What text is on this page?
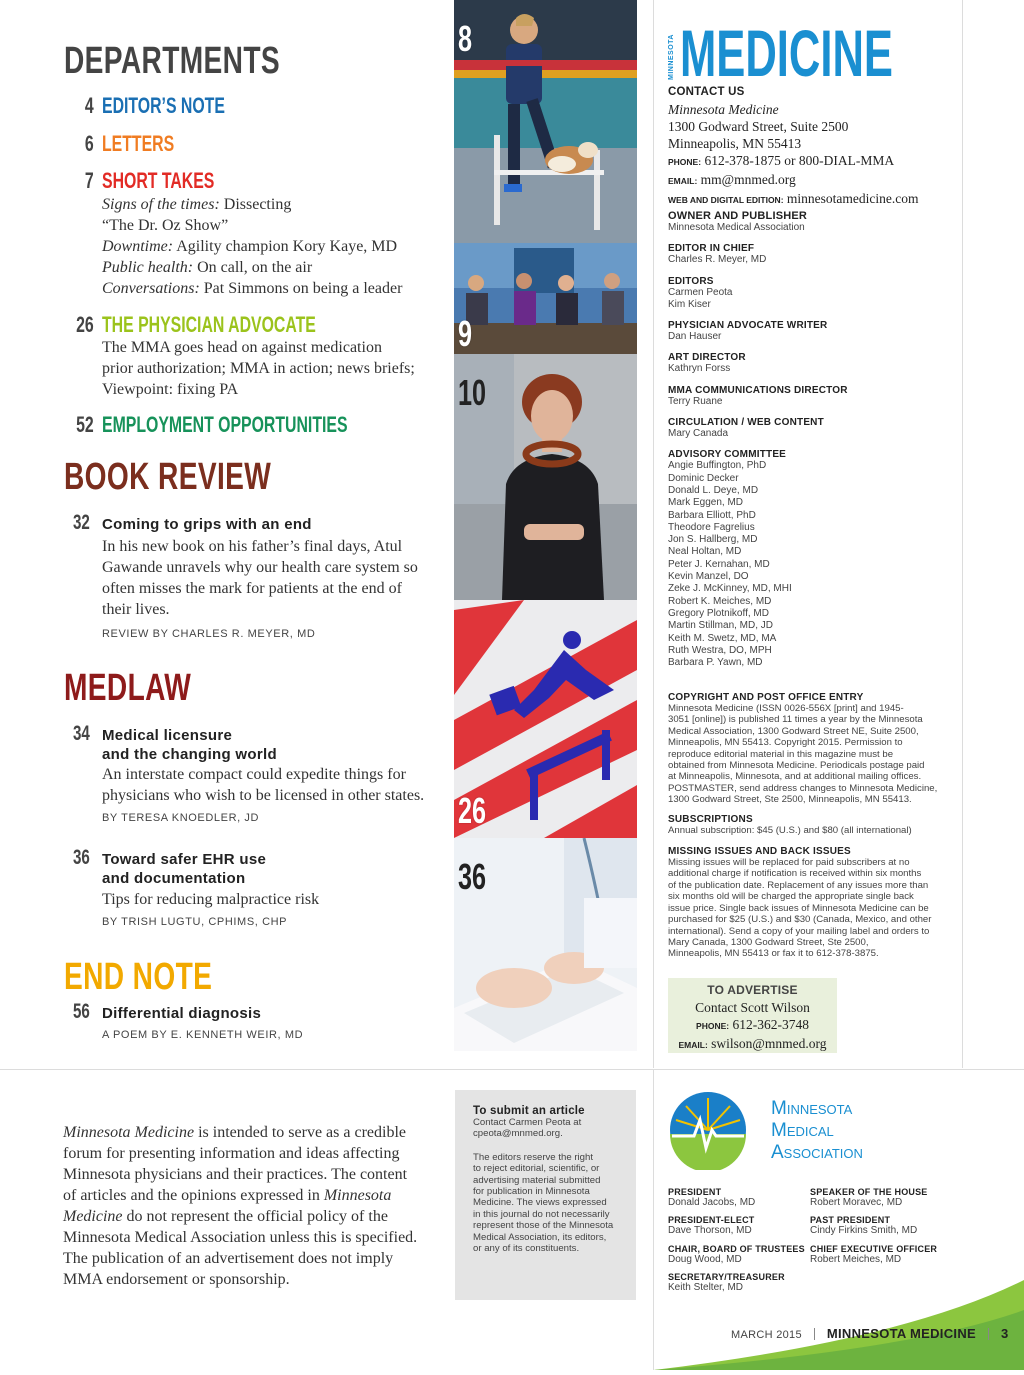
DEPARTMENTS
4 EDITOR’S NOTE
6 LETTERS
7 SHORT TAKES
Signs of the times: Dissecting
“The Dr. Oz Show”
Downtime: Agility champion Kory Kaye, MD
Public health: On call, on the air
Conversations: Pat Simmons on being a leader
26 THE PHYSICIAN ADVOCATE
The MMA goes head on against medication
prior authorization; MMA in action; news briefs;
Viewpoint: fixing PA
52 EMPLOYMENT OPPORTUNITIES
BOOK REVIEW
32 Coming to grips with an end
In his new book on his father’s final days, Atul
Gawande unravels why our health care system so
often misses the mark for patients at the end of
their lives.
REVIEW BY CHARLES R. MEYER, MD
MEDLAW
34 Medical licensure
and the changing world
An interstate compact could expedite things for
physicians who wish to be licensed in other states.
BY TERESA KNOEDLER, JD
36 Toward safer EHR use
and documentation
Tips for reducing malpractice risk
BY TRISH LUGTU, CPHIMS, CHP
END NOTE
56 Differential diagnosis
A POEM BY E. KENNETH WEIR, MD
8
9
10
26
36
MINNESOTA MEDICINE
CONTACT US
Minnesota Medicine
1300 Godward Street, Suite 2500
Minneapolis, MN 55413
PHONE: 612-378-1875 or 800-DIAL-MMA
EMAIL: mm@mnmed.org
WEB AND DIGITAL EDITION: minnesotamedicine.com
OWNER AND PUBLISHER
Minnesota Medical Association
EDITOR IN CHIEF
Charles R. Meyer, MD
EDITORS
Carmen Peota
Kim Kiser
PHYSICIAN ADVOCATE WRITER
Dan Hauser
ART DIRECTOR
Kathryn Forss
MMA COMMUNICATIONS DIRECTOR
Terry Ruane
CIRCULATION / WEB CONTENT
Mary Canada
ADVISORY COMMITTEE
Angie Buffington, PhD
Dominic Decker
Donald L. Deye, MD
Mark Eggen, MD
Barbara Elliott, PhD
Theodore Fagrelius
Jon S. Hallberg, MD
Neal Holtan, MD
Peter J. Kernahan, MD
Kevin Manzel, DO
Zeke J. McKinney, MD, MHI
Robert K. Meiches, MD
Gregory Plotnikoff, MD
Martin Stillman, MD, JD
Keith M. Swetz, MD, MA
Ruth Westra, DO, MPH
Barbara P. Yawn, MD
COPYRIGHT AND POST OFFICE ENTRY
Minnesota Medicine (ISSN 0026-556X [print] and 1945-
3051 [online]) is published 11 times a year by the Minnesota
Medical Association, 1300 Godward Street NE, Suite 2500,
Minneapolis, MN 55413. Copyright 2015. Permission to
reproduce editorial material in this magazine must be
obtained from Minnesota Medicine. Periodicals postage paid
at Minneapolis, Minnesota, and at additional mailing offices.
POSTMASTER, send address changes to Minnesota Medicine,
1300 Godward Street, Ste 2500, Minneapolis, MN 55413.
SUBSCRIPTIONS
Annual subscription: $45 (U.S.) and $80 (all international)
MISSING ISSUES AND BACK ISSUES
Missing issues will be replaced for paid subscribers at no
additional charge if notification is received within six months
of the publication date. Replacement of any issues more than
six months old will be charged the appropriate single back
issue price. Single back issues of Minnesota Medicine can be
purchased for $25 (U.S.) and $30 (Canada, Mexico, and other
international). Send a copy of your mailing label and orders to
Mary Canada, 1300 Godward Street, Ste 2500,
Minneapolis, MN 55413 or fax it to 612-378-3875.
TO ADVERTISE
Contact Scott Wilson
PHONE: 612-362-3748
EMAIL: swilson@mnmed.org
Minnesota Medicine is intended to serve as a credible
forum for presenting information and ideas affecting
Minnesota physicians and their practices. The content
of articles and the opinions expressed in Minnesota
Medicine do not represent the official policy of the
Minnesota Medical Association unless this is specified.
The publication of an advertisement does not imply
MMA endorsement or sponsorship.
To submit an article
Contact Carmen Peota at
cpeota@mnmed.org.
The editors reserve the right
to reject editorial, scientific, or
advertising material submitted
for publication in Minnesota
Medicine. The views expressed
in this journal do not necessarily
represent those of the Minnesota
Medical Association, its editors,
or any of its constituents.
Minnesota
Medical
Association
PRESIDENT
Donald Jacobs, MD
PRESIDENT-ELECT
Dave Thorson, MD
CHAIR, BOARD OF TRUSTEES
Doug Wood, MD
SECRETARY/TREASURER
Keith Stelter, MD
SPEAKER OF THE HOUSE
Robert Moravec, MD
PAST PRESIDENT
Cindy Firkins Smith, MD
CHIEF EXECUTIVE OFFICER
Robert Meiches, MD
MARCH 2015 MINNESOTA MEDICINE 3
